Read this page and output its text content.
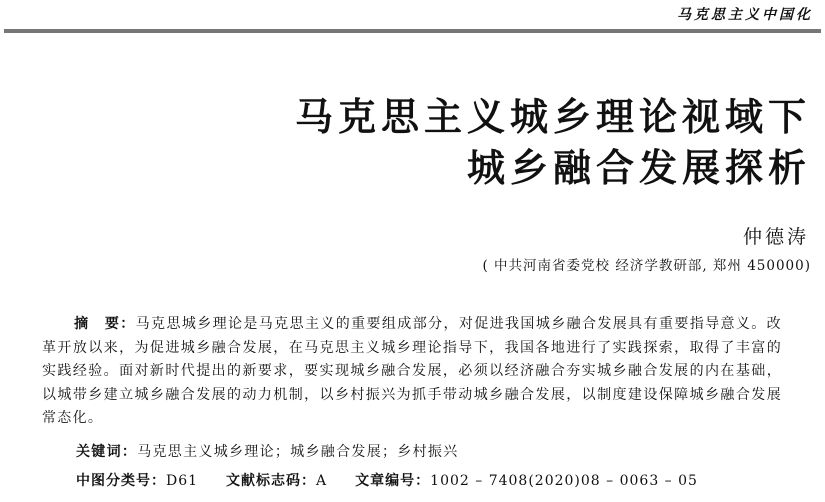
马克思主义中国化
马克思主义城乡理论视域下
城乡融合发展探析
仲德涛
( 中共河南省委党校 经济学教研部, 郑州 450000)
摘　要：马克思城乡理论是马克思主义的重要组成部分，对促进我国城乡融合发展具有重要指导意义。改革开放以来，为促进城乡融合发展，在马克思主义城乡理论指导下，我国各地进行了实践探索，取得了丰富的实践经验。面对新时代提出的新要求，要实现城乡融合发展，必须以经济融合夯实城乡融合发展的内在基础，以城带乡建立城乡融合发展的动力机制，以乡村振兴为抓手带动城乡融合发展，以制度建设保障城乡融合发展常态化。
关键词：马克思主义城乡理论；城乡融合发展；乡村振兴
中图分类号：D61 文献标志码：A 文章编号：1002 – 7408(2020)08 – 0063 – 05
